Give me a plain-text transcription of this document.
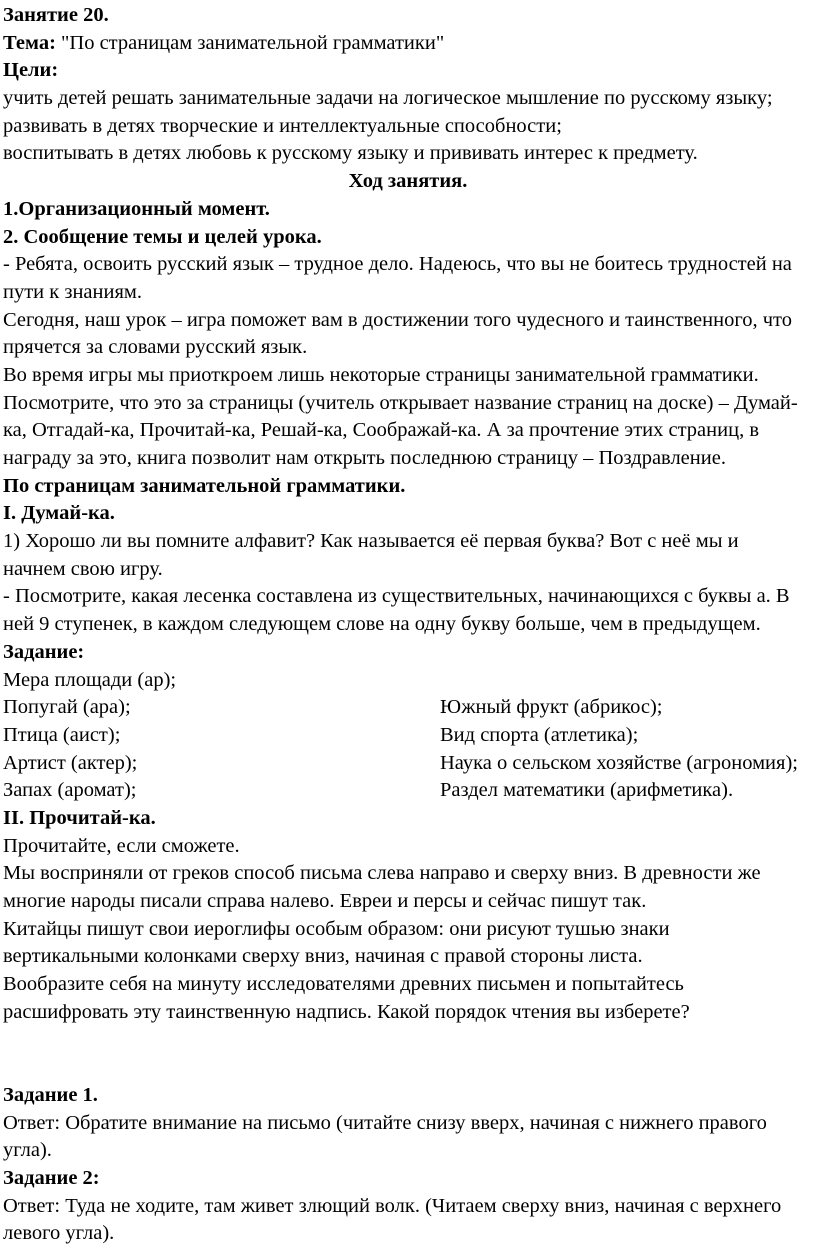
Занятие 20.
Тема: "По страницам занимательной грамматики"
Цели:
учить детей решать занимательные задачи на логическое мышление по русскому языку;
развивать в детях творческие и интеллектуальные способности;
воспитывать в детях любовь к русскому языку и прививать интерес к предмету.
Ход занятия.
1.Организационный момент.
2. Сообщение темы и целей урока.
- Ребята, освоить русский язык – трудное дело. Надеюсь, что вы не боитесь трудностей на
пути к знаниям.
Сегодня, наш урок – игра поможет вам в достижении того чудесного и таинственного, что
прячется за словами русский язык.
Во время игры мы приоткроем лишь некоторые страницы занимательной грамматики.
Посмотрите, что это за страницы (учитель открывает название страниц на доске) – Думай-
ка, Отгадай-ка, Прочитай-ка, Решай-ка, Соображай-ка. А за прочтение этих страниц, в
награду за это, книга позволит нам открыть последнюю страницу – Поздравление.
По страницам занимательной грамматики.
I. Думай-ка.
1) Хорошо ли вы помните алфавит? Как называется её первая буква? Вот с неё мы и
начнем свою игру.
- Посмотрите, какая лесенка составлена из существительных, начинающихся с буквы а. В
ней 9 ступенек, в каждом следующем слове на одну букву больше, чем в предыдущем.
Задание:
Мера площади (ар);
Попугай (ара);	Южный фрукт (абрикос);
Птица (аист);	Вид спорта (атлетика);
Артист (актер);	Наука о сельском хозяйстве (агрономия);
Запах (аромат);	Раздел математики (арифметика).
II. Прочитай-ка.
Прочитайте, если сможете.
Мы восприняли от греков способ письма слева направо и сверху вниз. В древности же
многие народы писали справа налево. Евреи и персы и сейчас пишут так.
Китайцы пишут свои иероглифы особым образом: они рисуют тушью знаки
вертикальными колонками сверху вниз, начиная с правой стороны листа.
Вообразите себя на минуту исследователями древних письмен и попытайтесь
расшифровать эту таинственную надпись. Какой порядок чтения вы изберете?
Задание 1.
Ответ: Обратите внимание на письмо (читайте снизу вверх, начиная с нижнего правого
угла).
Задание 2:
Ответ: Туда не ходите, там живет злющий волк. (Читаем сверху вниз, начиная с верхнего
левого угла).
